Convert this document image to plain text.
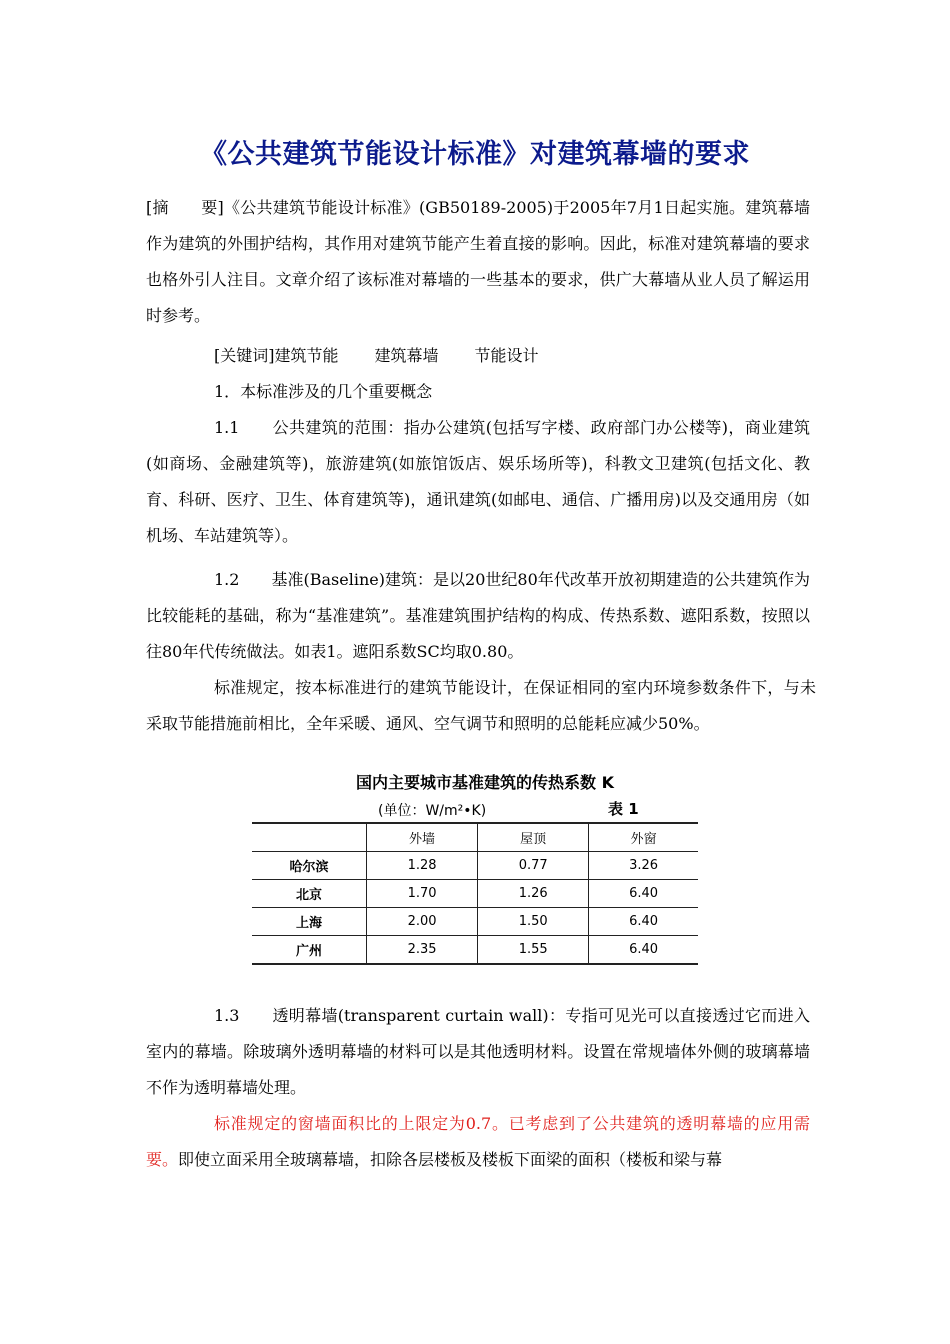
《公共建筑节能设计标准》对建筑幕墙的要求

[摘　　要]《公共建筑节能设计标准》(GB50189-2005)于2005年7月1日起实施。建筑幕墙作为建筑的外围护结构，其作用对建筑节能产生着直接的影响。因此，标准对建筑幕墙的要求也格外引人注目。文章介绍了该标准对幕墙的一些基本的要求，供广大幕墙从业人员了解运用时参考。

[关键词]建筑节能 建筑幕墙 节能设计

1．本标准涉及的几个重要概念

1.1　　公共建筑的范围：指办公建筑(包括写字楼、政府部门办公楼等)，商业建筑(如商场、金融建筑等)，旅游建筑(如旅馆饭店、娱乐场所等)，科教文卫建筑(包括文化、教育、科研、医疗、卫生、体育建筑等)，通讯建筑(如邮电、通信、广播用房)以及交通用房（如机场、车站建筑等）。

1.2　　基准(Baseline)建筑：是以20世纪80年代改革开放初期建造的公共建筑作为比较能耗的基础，称为“基准建筑”。基准建筑围护结构的构成、传热系数、遮阳系数，按照以往80年代传统做法。如表1。遮阳系数SC均取0.80。

标准规定，按本标准进行的建筑节能设计，在保证相同的室内环境参数条件下，与未采取节能措施前相比，全年采暖、通风、空气调节和照明的总能耗应减少50%。

国内主要城市基准建筑的传热系数 K
(单位：W/m²•K)	表 1
	外墙	屋顶	外窗
哈尔滨	1.28	0.77	3.26
北京	1.70	1.26	6.40
上海	2.00	1.50	6.40
广州	2.35	1.55	6.40

1.3　　透明幕墙(transparent curtain wall)：专指可见光可以直接透过它而进入室内的幕墙。除玻璃外透明幕墙的材料可以是其他透明材料。设置在常规墙体外侧的玻璃幕墙不作为透明幕墙处理。

标准规定的窗墙面积比的上限定为0.7。已考虑到了公共建筑的透明幕墙的应用需要。即使立面采用全玻璃幕墙，扣除各层楼板及楼板下面梁的面积（楼板和梁与幕
